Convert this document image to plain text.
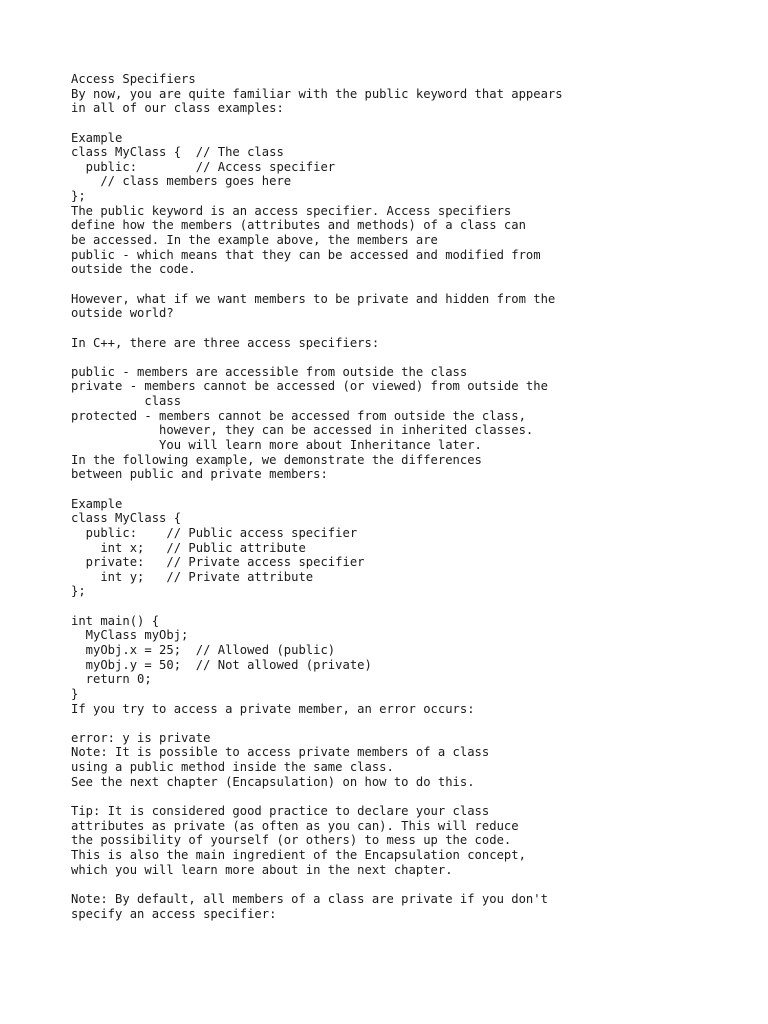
Access Specifiers
By now, you are quite familiar with the public keyword that appears
in all of our class examples:
Example
class MyClass {  // The class
public:        // Access specifier
// class members goes here
};
The public keyword is an access specifier. Access specifiers
define how the members (attributes and methods) of a class can
be accessed. In the example above, the members are
public - which means that they can be accessed and modified from
outside the code.
However, what if we want members to be private and hidden from the
outside world?
In C++, there are three access specifiers:
public - members are accessible from outside the class
private - members cannot be accessed (or viewed) from outside the
class
protected - members cannot be accessed from outside the class,
however, they can be accessed in inherited classes.
You will learn more about Inheritance later.
In the following example, we demonstrate the differences
between public and private members:
Example
class MyClass {
public:    // Public access specifier
int x;   // Public attribute
private:   // Private access specifier
int y;   // Private attribute
};
int main() {
MyClass myObj;
myObj.x = 25;  // Allowed (public)
myObj.y = 50;  // Not allowed (private)
return 0;
}
If you try to access a private member, an error occurs:
error: y is private
Note: It is possible to access private members of a class
using a public method inside the same class.
See the next chapter (Encapsulation) on how to do this.
Tip: It is considered good practice to declare your class
attributes as private (as often as you can). This will reduce
the possibility of yourself (or others) to mess up the code.
This is also the main ingredient of the Encapsulation concept,
which you will learn more about in the next chapter.
Note: By default, all members of a class are private if you don't
specify an access specifier:
